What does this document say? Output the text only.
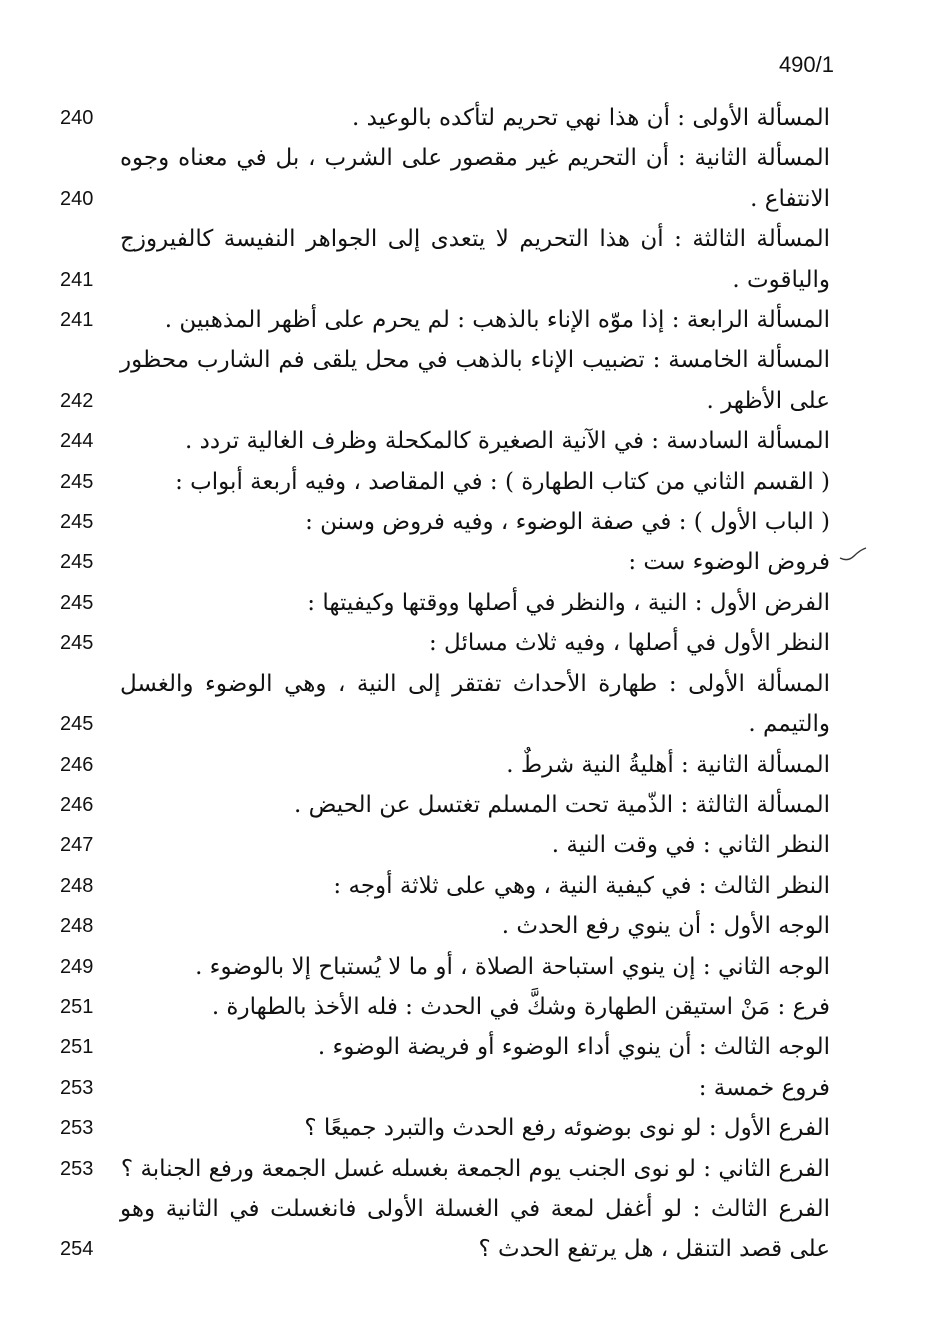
490/1
المسألة الأولى : أن هذا نهي تحريم لتأكده بالوعيد .
240
المسألة الثانية : أن التحريم غير مقصور على الشرب ، بل في معناه وجوه الانتفاع .
240
المسألة الثالثة : أن هذا التحريم لا يتعدى إلى الجواهر النفيسة كالفيروزج والياقوت .
241
المسألة الرابعة : إذا موّه الإناء بالذهب : لم يحرم على أظهر المذهبين .
241
المسألة الخامسة : تضبيب الإناء بالذهب في محل يلقى فم الشارب محظور على الأظهر .
242
المسألة السادسة : في الآنية الصغيرة كالمكحلة وظرف الغالية تردد .
244
( القسم الثاني من كتاب الطهارة ) : في المقاصد ، وفيه أربعة أبواب :
245
( الباب الأول ) : في صفة الوضوء ، وفيه فروض وسنن :
245
فروض الوضوء ست :
245
الفرض الأول : النية ، والنظر في أصلها ووقتها وكيفيتها :
245
النظر الأول في أصلها ، وفيه ثلاث مسائل :
245
المسألة الأولى : طهارة الأحداث تفتقر إلى النية ، وهي الوضوء والغسل والتيمم .
245
المسألة الثانية : أهليةُ النية شرطٌ .
246
المسألة الثالثة : الذّمية تحت المسلم تغتسل عن الحيض .
246
النظر الثاني : في وقت النية .
247
النظر الثالث : في كيفية النية ، وهي على ثلاثة أوجه :
248
الوجه الأول : أن ينوي رفع الحدث .
248
الوجه الثاني : إن ينوي استباحة الصلاة ، أو ما لا يُستباح إلا بالوضوء .
249
فرع : مَنْ استيقن الطهارة وشكَّ في الحدث : فله الأخذ بالطهارة .
251
الوجه الثالث : أن ينوي أداء الوضوء أو فريضة الوضوء .
251
فروع خمسة :
253
الفرع الأول : لو نوى بوضوئه رفع الحدث والتبرد جميعًا ؟
253
الفرع الثاني : لو نوى الجنب يوم الجمعة بغسله غسل الجمعة ورفع الجنابة ؟
253
الفرع الثالث : لو أغفل لمعة في الغسلة الأولى فانغسلت في الثانية وهو على قصد التنقل ، هل يرتفع الحدث ؟
254
